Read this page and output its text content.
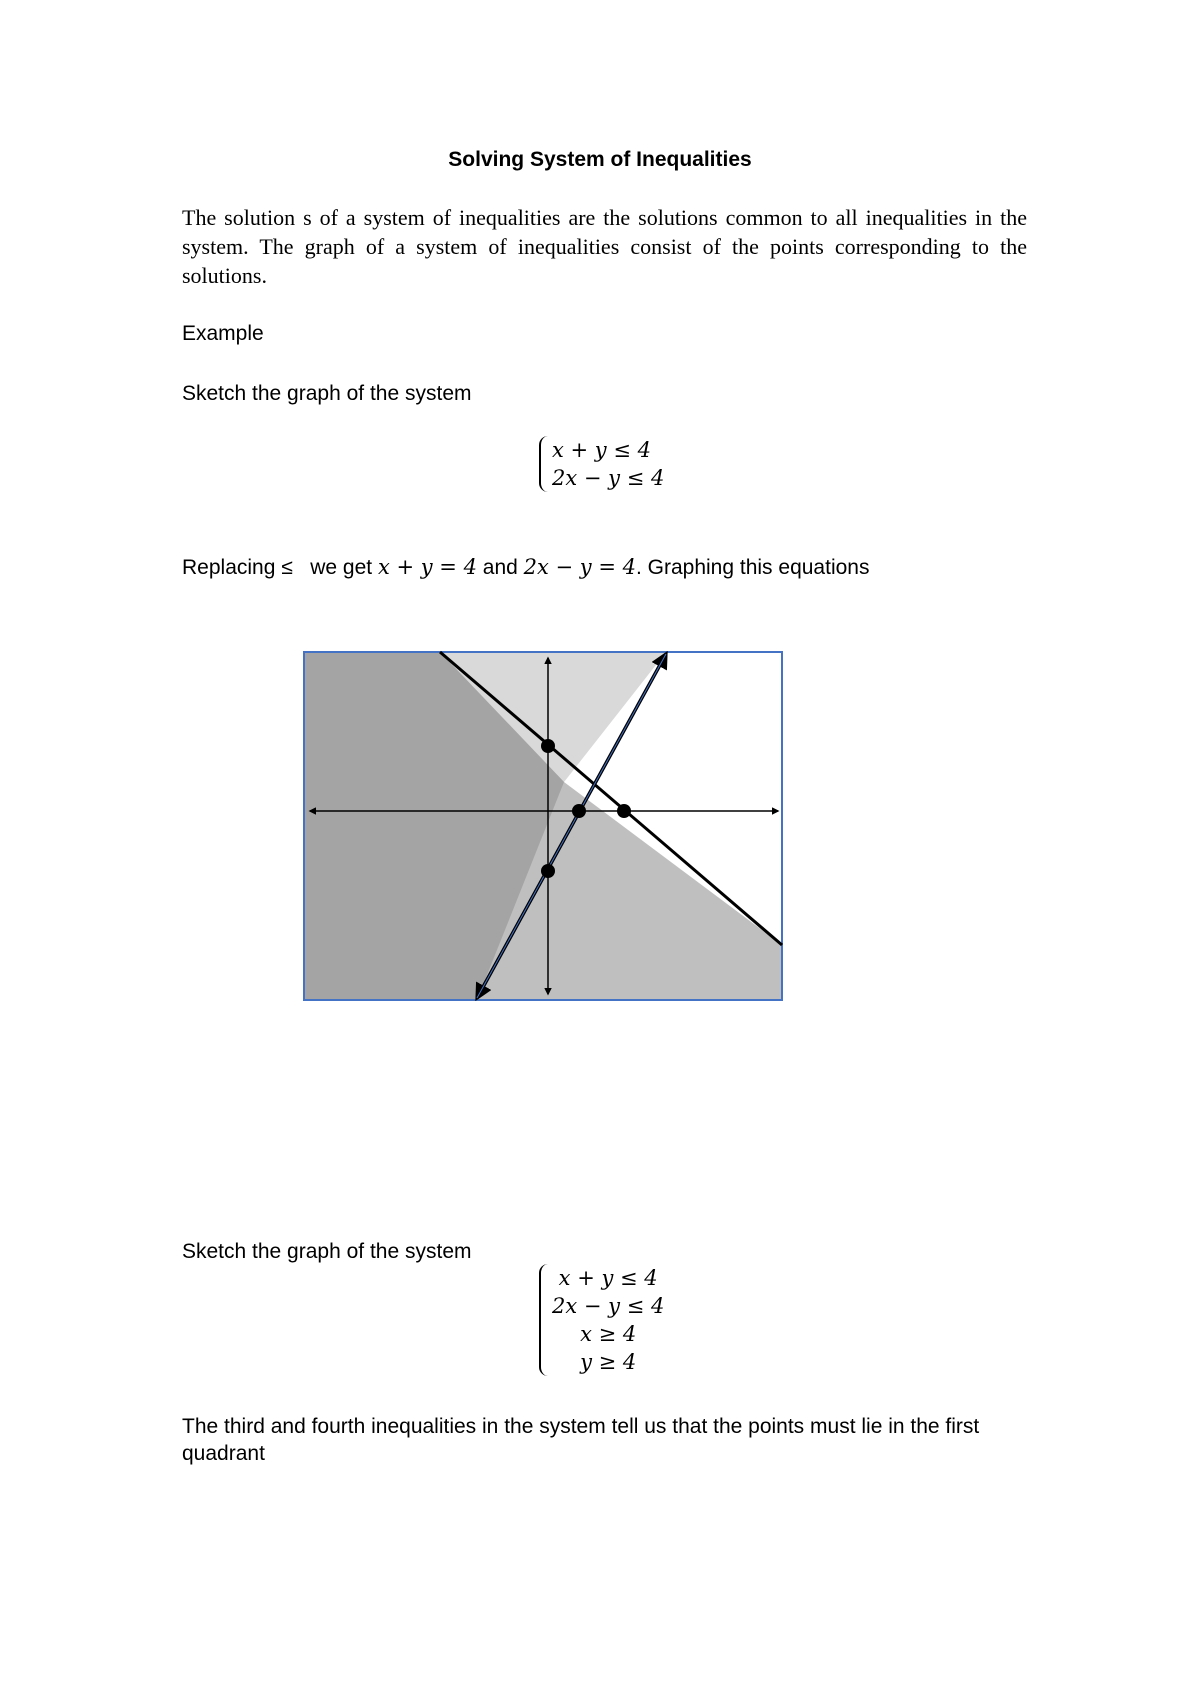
Solving System of Inequalities
The solution s of a system of inequalities are the solutions common to all inequalities in the system. The graph of a system of inequalities consist of the points corresponding to the solutions.
Example
Sketch the graph of the system
x + y ≤ 4
2x − y ≤ 4
Replacing ≤   we get x + y = 4 and 2x − y = 4. Graphing this equations
Sketch the graph of the system
x + y ≤ 4
2x − y ≤ 4
x ≥ 4
y ≥ 4
The third and fourth inequalities in the system tell us that the points must lie in the first quadrant
